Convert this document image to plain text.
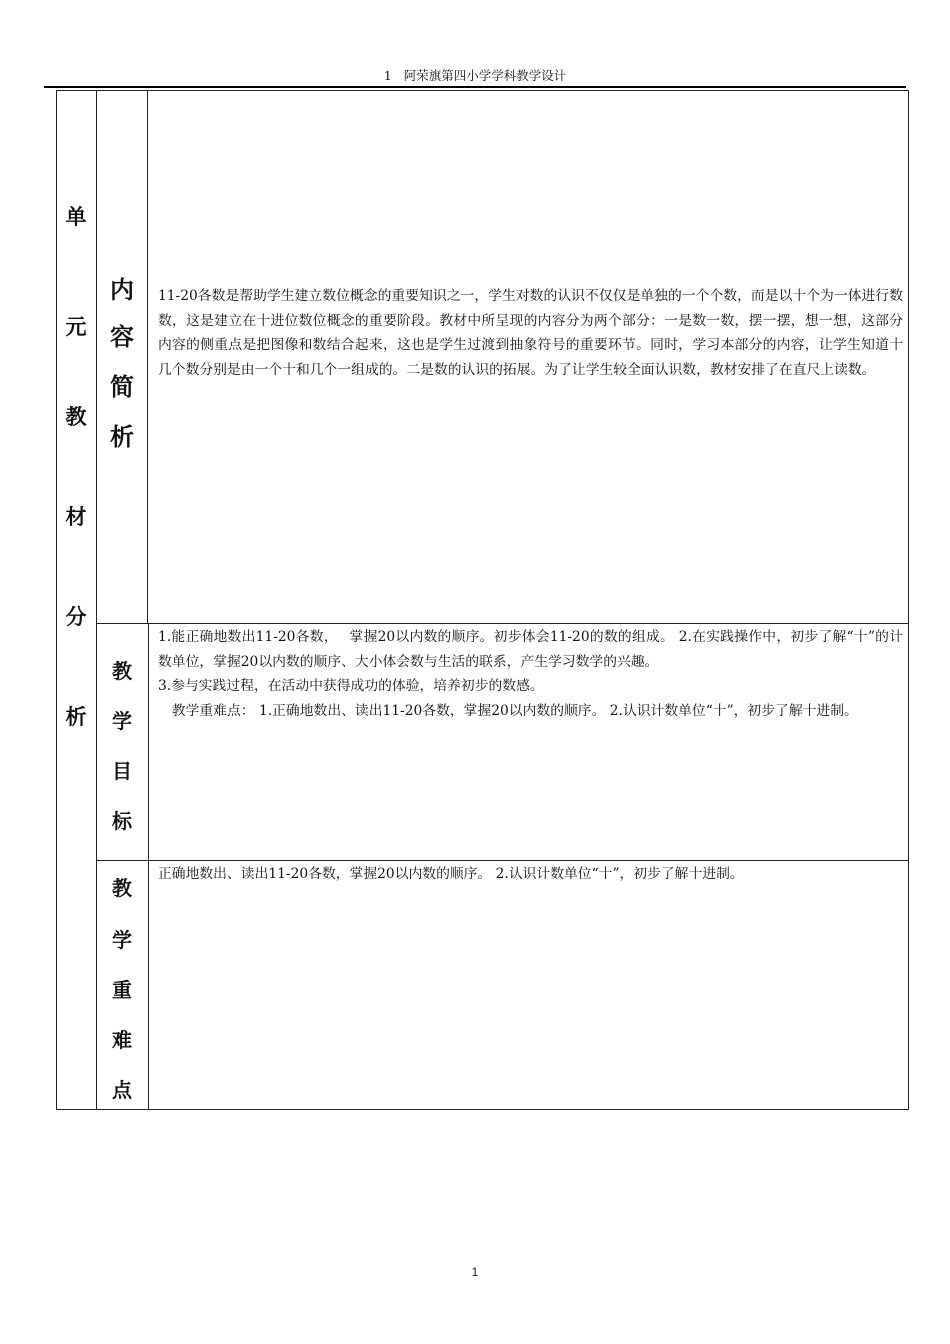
1 阿荣旗第四小学学科教学设计
单
元
教
材
分
析
内
容
简
析

11-20各数是帮助学生建立数位概念的重要知识之一，学生对数的认识不仅仅是单独的一个个数，而是以十个为一体进行数数，这是建立在十进位数位概念的重要阶段。教材中所呈现的内容分为两个部分：一是数一数，摆一摆，想一想，这部分内容的侧重点是把图像和数结合起来，这也是学生过渡到抽象符号的重要环节。同时，学习本部分的内容，让学生知道十几个数分别是由一个十和几个一组成的。二是数的认识的拓展。为了让学生较全面认识数，教材安排了在直尺上读数。

教
学
目
标

1.能正确地数出11-20各数，　 掌握20以内数的顺序。初步体会11-20的数的组成。 2.在实践操作中，初步了解“十”的计数单位，掌握20以内数的顺序、大小体会数与生活的联系，产生学习数学的兴趣。

3.参与实践过程，在活动中获得成功的体验，培养初步的数感。

　教学重难点： 1.正确地数出、读出11-20各数，掌握20以内数的顺序。 2.认识计数单位“十”，初步了解十进制。

教
学
重
难
点

正确地数出、读出11-20各数，掌握20以内数的顺序。 2.认识计数单位“十”，初步了解十进制。

1
